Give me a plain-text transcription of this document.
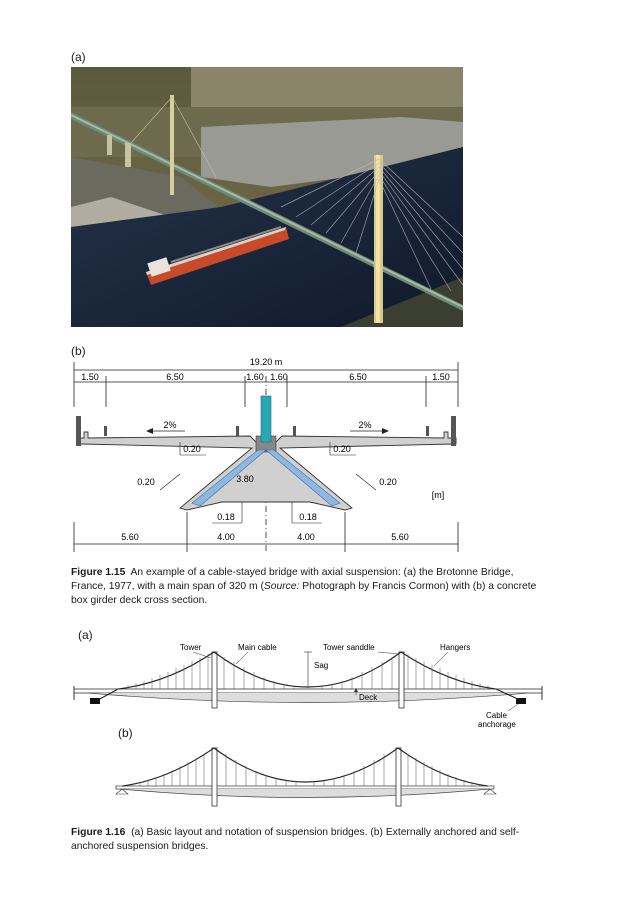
(a)
(b)
19.20 m
1.50	6.50	1.60 1.60	6.50	1.50
2%	2%
0.20	0.20
0.20	0.20
3.80
[m]
0.18	0.18
5.60	4.00	4.00	5.60
Figure 1.15 An example of a cable-stayed bridge with axial suspension: (a) the Brotonne Bridge, France, 1977, with a main span of 320 m (Source: Photograph by Francis Cormon) with (b) a concrete box girder deck cross section.
(a)
Sag
Tower	Main cable	Tower sanddle	Hangers
Deck
Cable
anchorage
(b)
Figure 1.16 (a) Basic layout and notation of suspension bridges. (b) Externally anchored and self-anchored suspension bridges.
